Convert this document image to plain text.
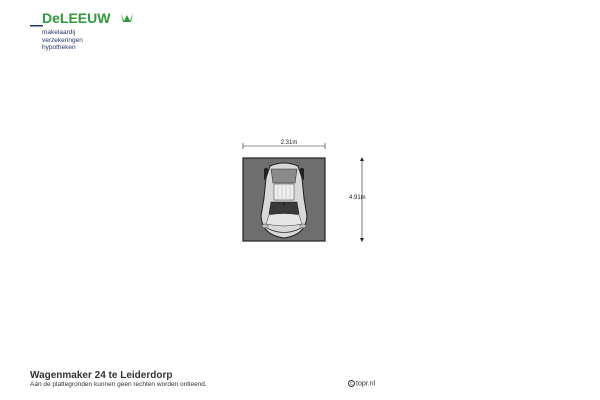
DeLEEUW
makelaardij
verzekeringen
hypotheken
2.31m
4.91m
Wagenmaker 24 te Leiderdorp
Aan de plattegronden kunnen geen rechten worden ontleend.	c topr.nl
